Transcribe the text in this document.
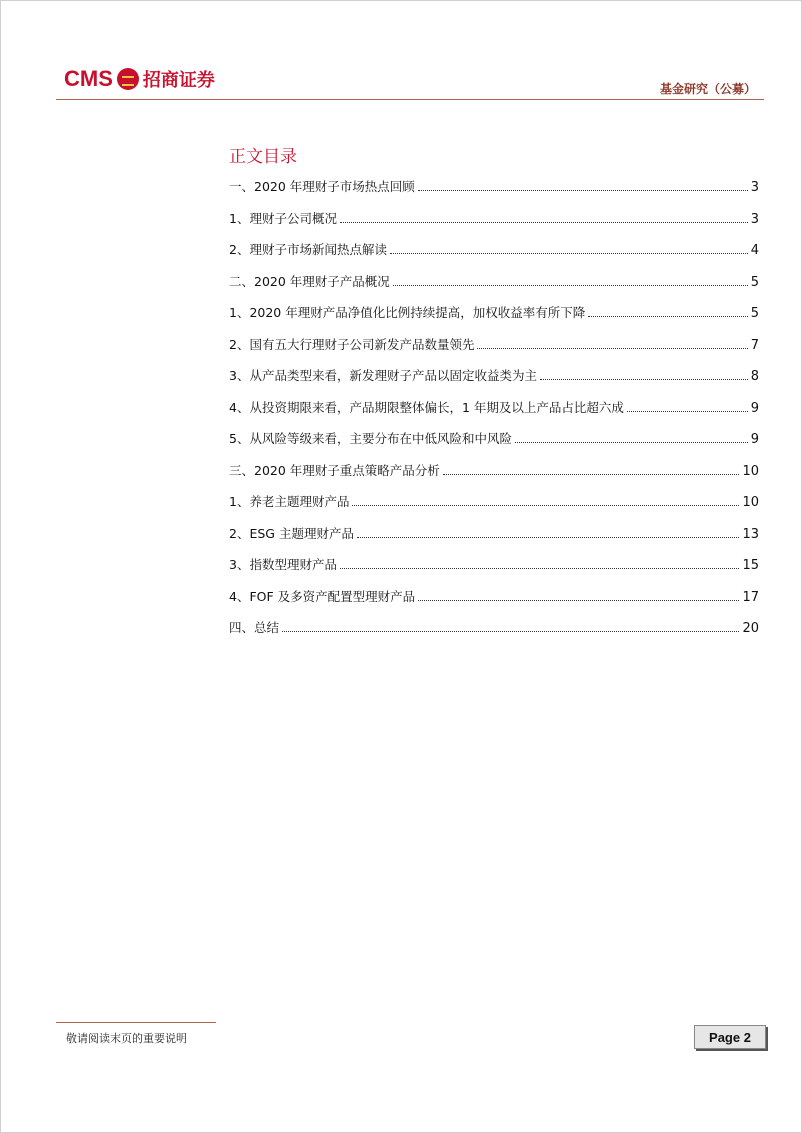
CMS 招商证券	基金研究（公募）
正文目录
一、2020 年理财子市场热点回顾	3
1、理财子公司概况	3
2、理财子市场新闻热点解读	4
二、2020 年理财子产品概况	5
1、2020 年理财产品净值化比例持续提高，加权收益率有所下降	5
2、国有五大行理财子公司新发产品数量领先	7
3、从产品类型来看，新发理财子产品以固定收益类为主	8
4、从投资期限来看，产品期限整体偏长，1 年期及以上产品占比超六成	9
5、从风险等级来看，主要分布在中低风险和中风险	9
三、2020 年理财子重点策略产品分析	10
1、养老主题理财产品	10
2、ESG 主题理财产品	13
3、指数型理财产品	15
4、FOF 及多资产配置型理财产品	17
四、总结	20
敬请阅读末页的重要说明	Page 2
